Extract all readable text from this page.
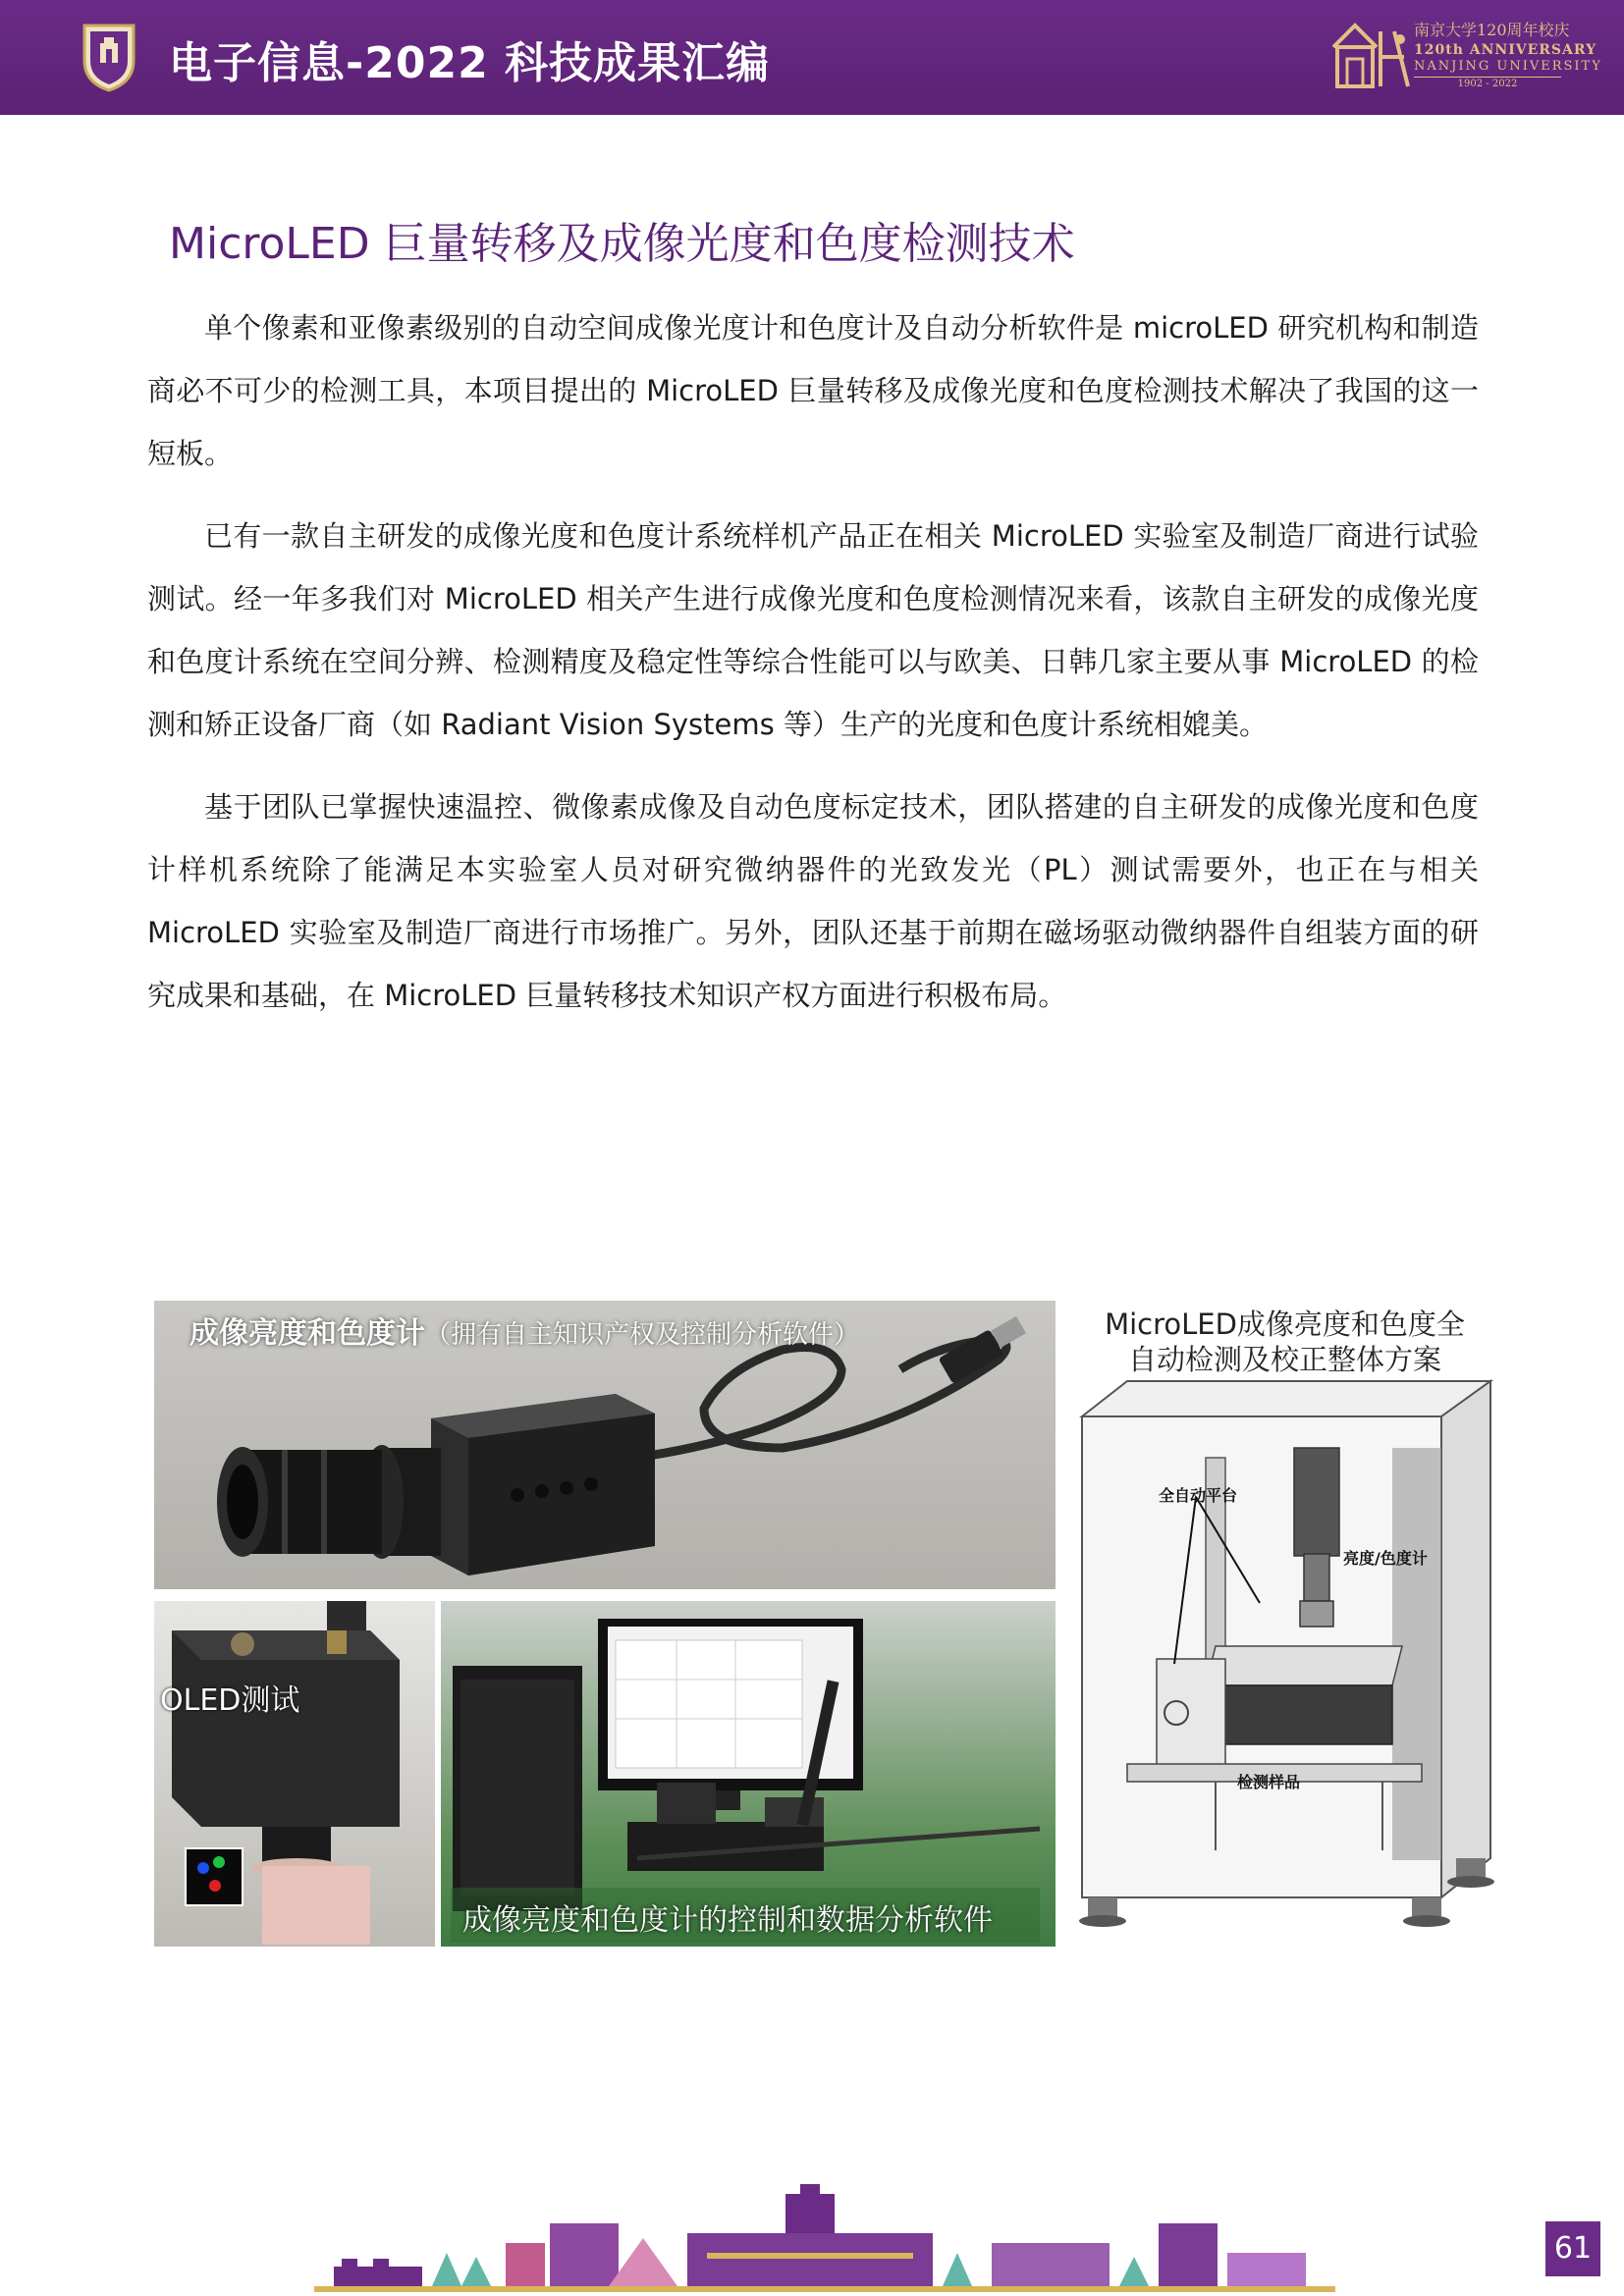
电子信息-2022 科技成果汇编
南京大学120周年校庆
120th ANNIVERSARY
NANJING UNIVERSITY
1902 - 2022
MicroLED 巨量转移及成像光度和色度检测技术

单个像素和亚像素级别的自动空间成像光度计和色度计及自动分析软件是 microLED 研究机构和制造商必不可少的检测工具，本项目提出的 MicroLED 巨量转移及成像光度和色度检测技术解决了我国的这一短板。

已有一款自主研发的成像光度和色度计系统样机产品正在相关 MicroLED 实验室及制造厂商进行试验测试。经一年多我们对 MicroLED 相关产生进行成像光度和色度检测情况来看，该款自主研发的成像光度和色度计系统在空间分辨、检测精度及稳定性等综合性能可以与欧美、日韩几家主要从事 MicroLED 的检测和矫正设备厂商（如 Radiant Vision Systems 等）生产的光度和色度计系统相媲美。

基于团队已掌握快速温控、微像素成像及自动色度标定技术，团队搭建的自主研发的成像光度和色度计样机系统除了能满足本实验室人员对研究微纳器件的光致发光（PL）测试需要外，也正在与相关 MicroLED 实验室及制造厂商进行市场推广。另外，团队还基于前期在磁场驱动微纳器件自组装方面的研究成果和基础，在 MicroLED 巨量转移技术知识产权方面进行积极布局。

成像亮度和色度计（拥有自主知识产权及控制分析软件）
OLED测试
成像亮度和色度计的控制和数据分析软件
MicroLED成像亮度和色度全
自动检测及校正整体方案
全自动平台
亮度/色度计
检测样品
61
